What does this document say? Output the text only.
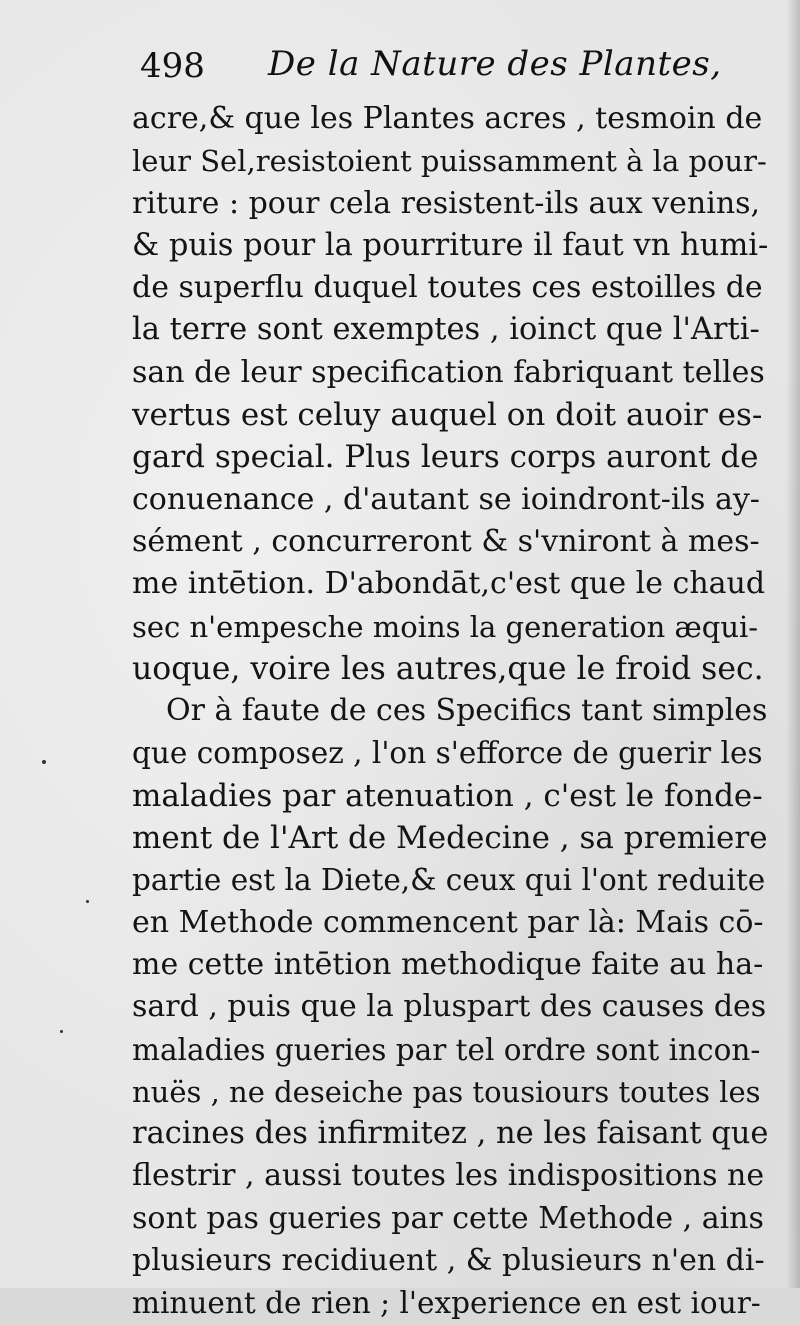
498 De la Nature des Plantes,
acre,& que les Plantes acres , tesmoin de
leur Sel,resistoient puissamment à la pour-
riture : pour cela resistent-ils aux venins,
& puis pour la pourriture il faut vn humi-
de superflu duquel toutes ces estoilles de
la terre sont exemptes , ioinct que l'Arti-
san de leur specification fabriquant telles
vertus est celuy auquel on doit auoir es-
gard special. Plus leurs corps auront de
conuenance , d'autant se ioindront-ils ay-
sément , concurreront & s'vniront à mes-
me intētion. D'abondāt,c'est que le chaud
sec n'empesche moins la generation æqui-
uoque, voire les autres,que le froid sec.
Or à faute de ces Specifics tant simples
que composez , l'on s'efforce de guerir les
maladies par atenuation , c'est le fonde-
ment de l'Art de Medecine , sa premiere
partie est la Diete,& ceux qui l'ont reduite
en Methode commencent par là: Mais cō-
me cette intētion methodique faite au ha-
sard , puis que la pluspart des causes des
maladies gueries par tel ordre sont incon-
nuës , ne deseiche pas tousiours toutes les
racines des infirmitez , ne les faisant que
flestrir , aussi toutes les indispositions ne
sont pas gueries par cette Methode , ains
plusieurs recidiuent , & plusieurs n'en di-
minuent de rien ; l'experience en est iour-
